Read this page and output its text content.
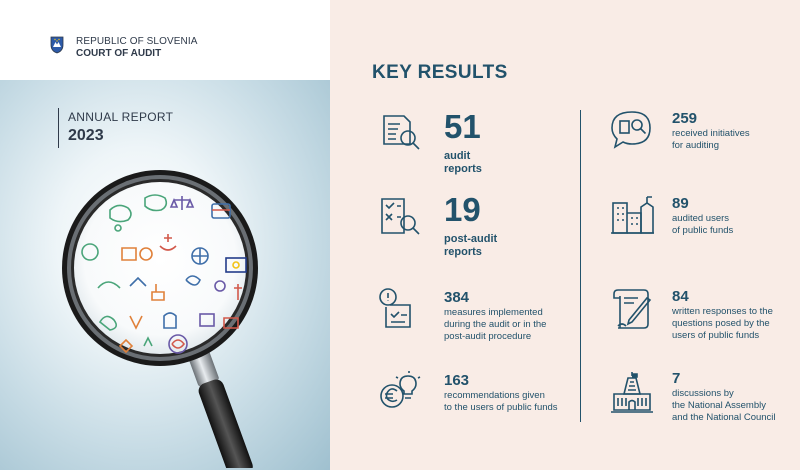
REPUBLIC OF SLOVENIA
COURT OF AUDIT
ANNUAL REPORT
2023
KEY RESULTS
51
audit
reports
19
post-audit
reports
384
measures implemented
during the audit or in the
post-audit procedure
163
recommendations given
to the users of public funds
259
received initiatives
for auditing
89
audited users
of public funds
84
written responses to the
questions posed by the
users of public funds
7
discussions by
the National Assembly
and the National Council
